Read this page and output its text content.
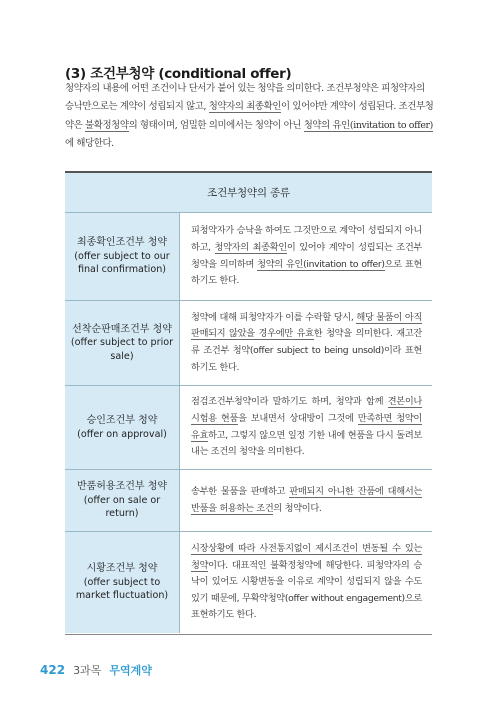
(3) 조건부청약 (conditional offer)
청약자의 내용에 어떤 조건이나 단서가 붙어 있는 청약을 의미한다. 조건부청약은 피청약자의 승낙만으로는 계약이 성립되지 않고, 청약자의 최종확인이 있어야만 계약이 성립된다. 조건부청약은 불확정청약의 형태이며, 엄밀한 의미에서는 청약이 아닌 청약의 유인(invitation to offer)에 해당한다.
조건부청약의 종류
최종확인조건부 청약
(offer subject to our final confirmation)
피청약자가 승낙을 하여도 그것만으로 계약이 성립되지 아니하고, 청약자의 최종확인이 있어야 계약이 성립되는 조건부청약을 의미하며 청약의 유인(invitation to offer)으로 표현하기도 한다.
선착순판매조건부 청약
(offer subject to prior sale)
청약에 대해 피청약자가 이를 수락할 당시, 해당 물품이 아직 판매되지 않았을 경우에만 유효한 청약을 의미한다. 재고잔류 조건부 청약(offer subject to being unsold)이라 표현하기도 한다.
승인조건부 청약
(offer on approval)
점검조건부청약이라 말하기도 하며, 청약과 함께 견본이나 시험용 현품을 보내면서 상대방이 그것에 만족하면 청약이 유효하고, 그렇지 않으면 일정 기한 내에 현품을 다시 돌려보내는 조건의 청약을 의미한다.
반품허용조건부 청약
(offer on sale or return)
송부한 물품을 판매하고 판매되지 아니한 잔품에 대해서는 반품을 허용하는 조건의 청약이다.
시황조건부 청약
(offer subject to market fluctuation)
시장상황에 따라 사전통지없이 제시조건이 변동될 수 있는 청약이다. 대표적인 불확정청약에 해당한다. 피청약자의 승낙이 있어도 시황변동을 이유로 계약이 성립되지 않을 수도 있기 때문에, 무확약청약(offer without engagement)으로 표현하기도 한다.
422 3과목 무역계약
